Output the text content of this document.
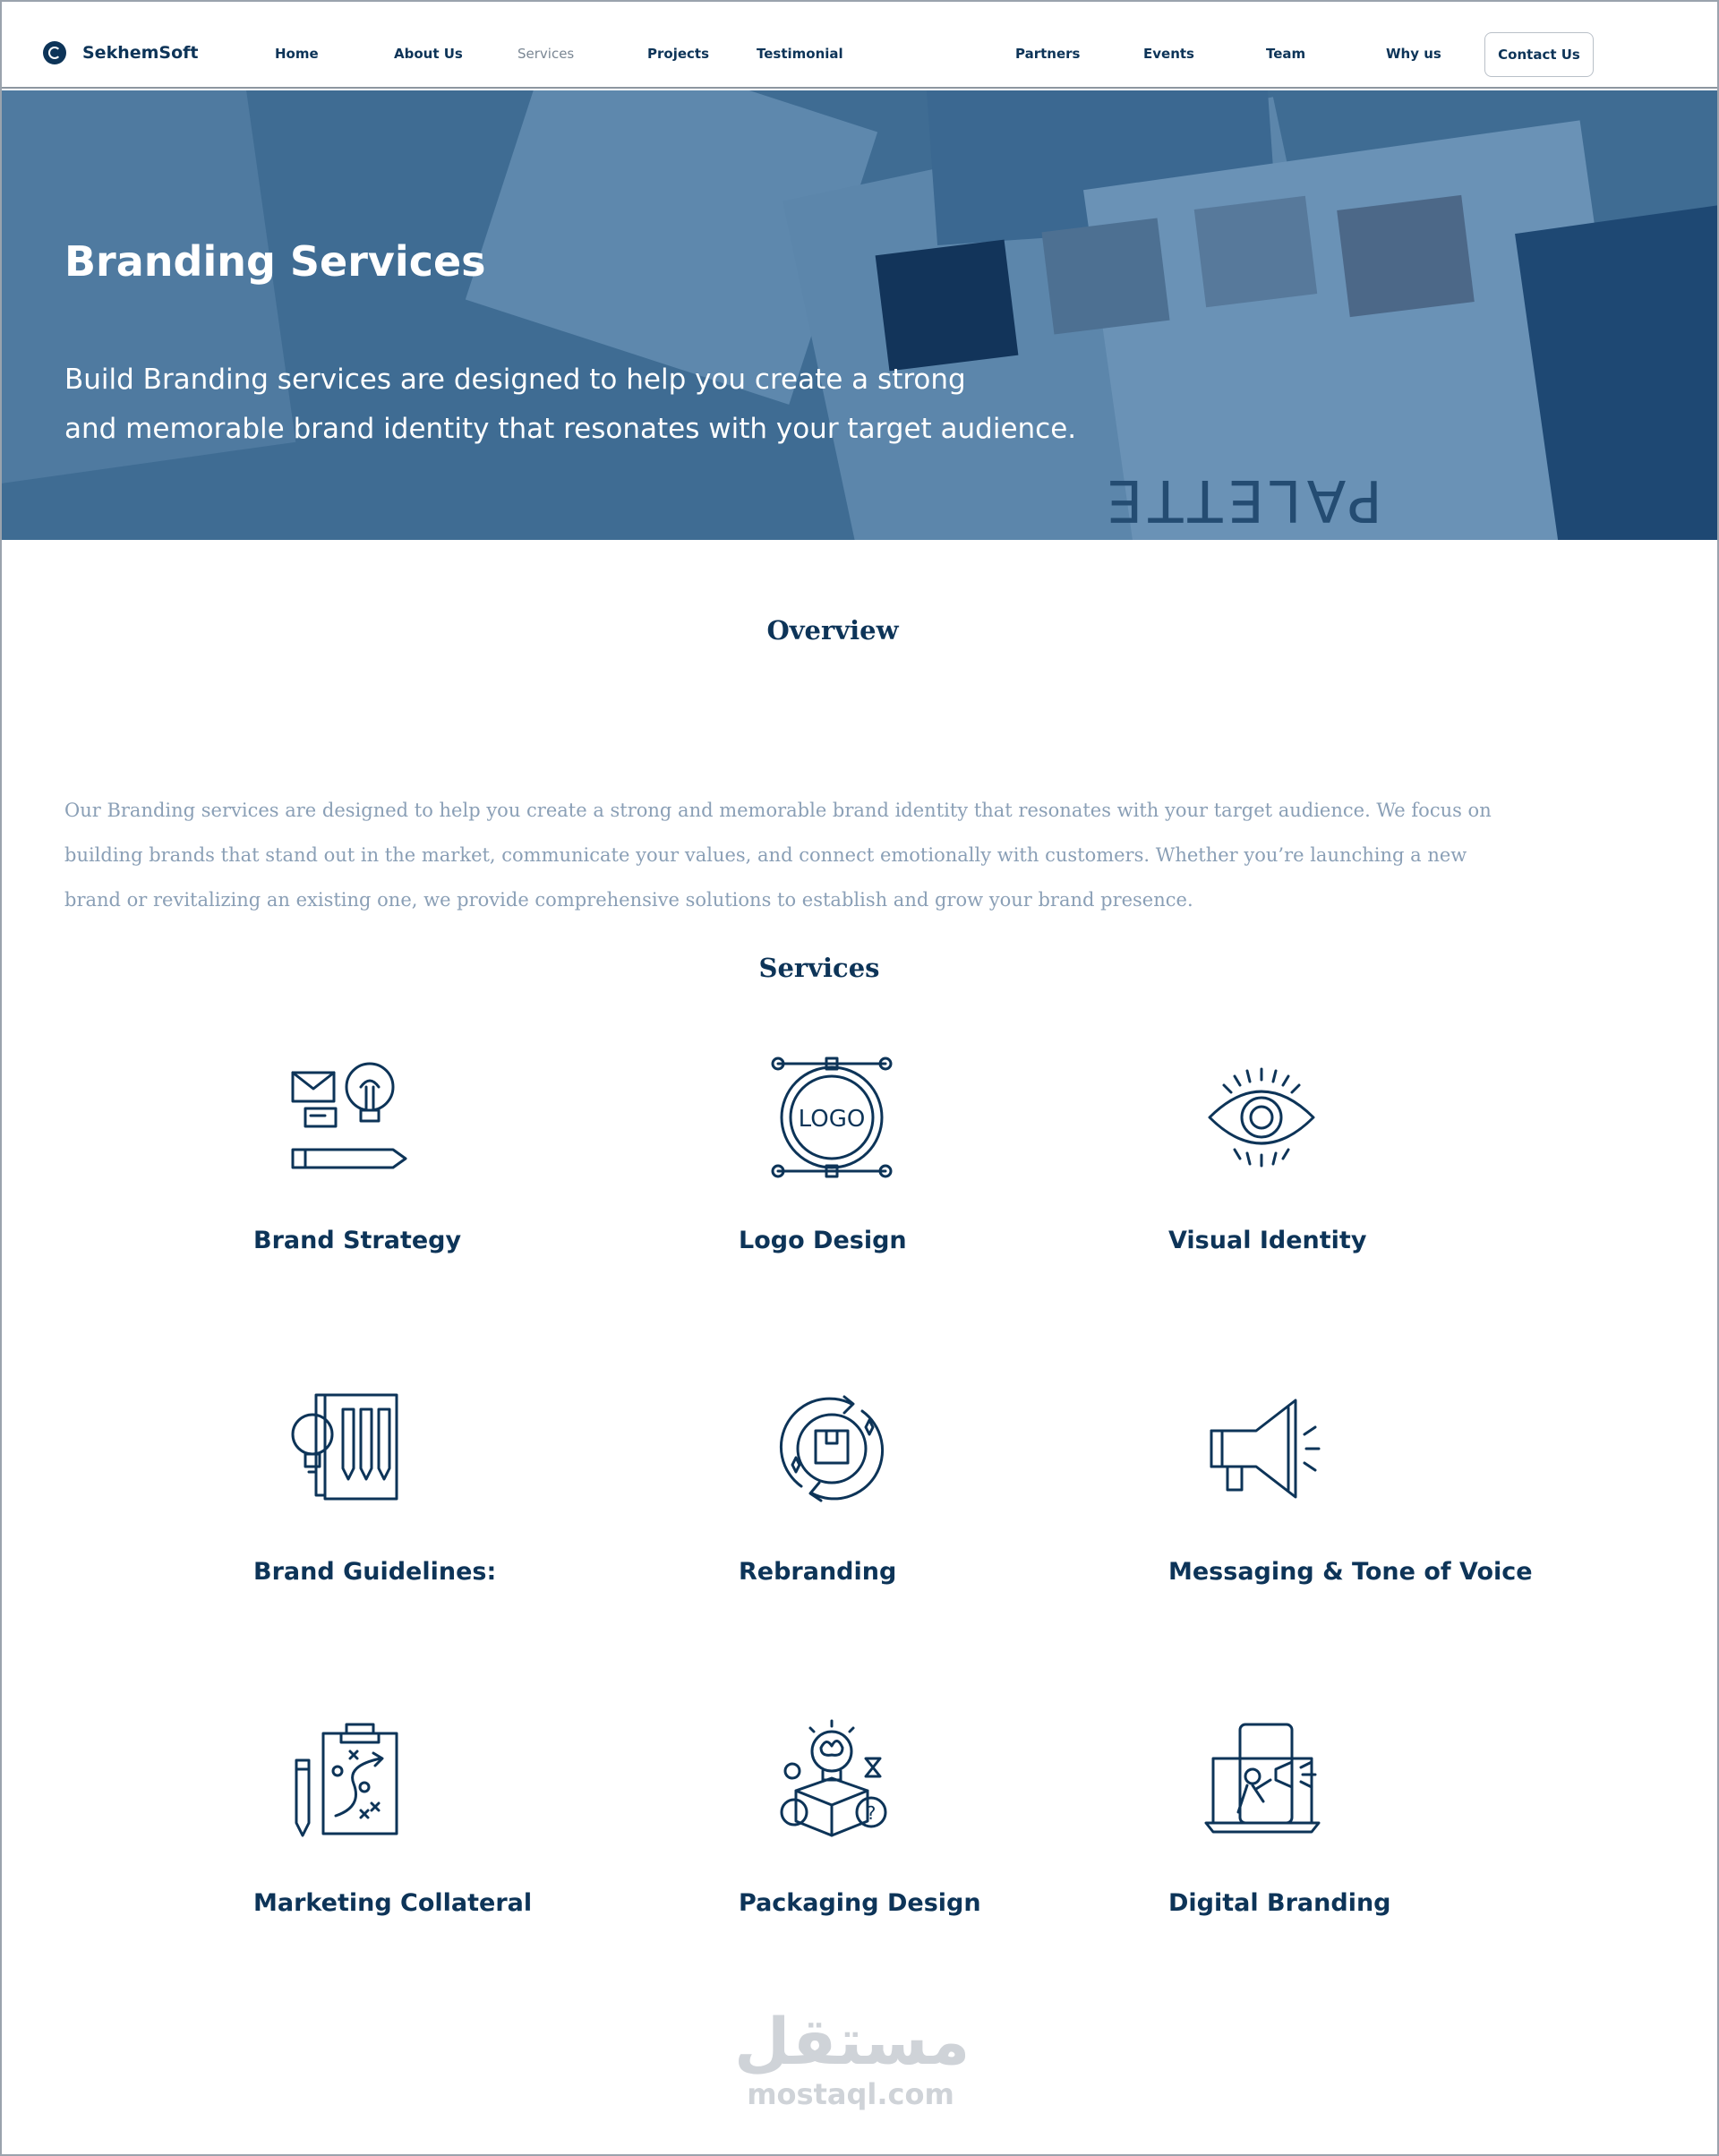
SekhemSoft	Home	About Us	Services	Projects	Testimonial	Partners	Events	Team	Why us	Contact Us
PALETTE
Branding Services

Build Branding services are designed to help you create a strong
and memorable brand identity that resonates with your target audience.

Overview
Our Branding services are designed to help you create a strong and memorable brand identity that resonates with your target audience. We focus on
building brands that stand out in the market, communicate your values, and connect emotionally with customers. Whether you’re launching a new
brand or revitalizing an existing one, we provide comprehensive solutions to establish and grow your brand presence.
Services
Brand Strategy
LOGO
Logo Design	Visual Identity
Brand Guidelines:	Rebranding	Messaging & Tone of Voice
Marketing Collateral
?
Packaging Design	Digital Branding
مستقل
mostaql.com
